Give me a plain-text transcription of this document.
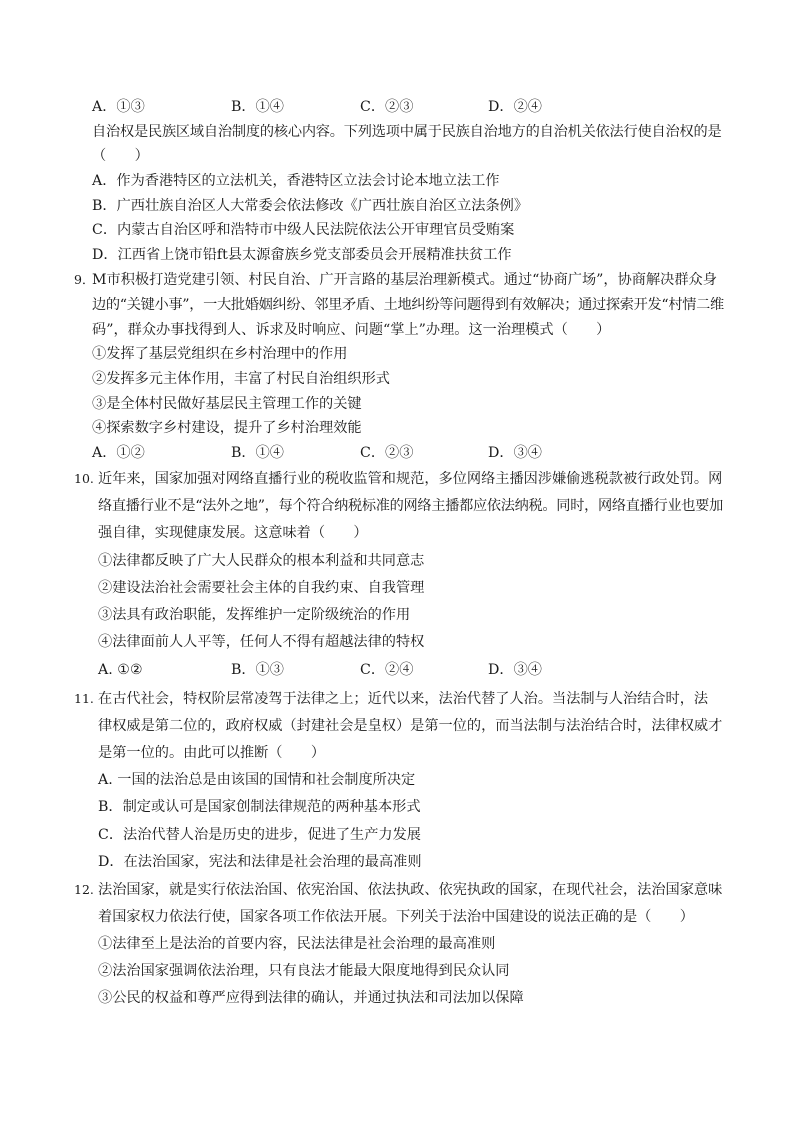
A．①③	B．①④	C．②③	D．②④
自治权是民族区域自治制度的核心内容。下列选项中属于民族自治地方的自治机关依法行使自治权的是
（　　）
A．作为香港特区的立法机关，香港特区立法会讨论本地立法工作
B．广西壮族自治区人大常委会依法修改《广西壮族自治区立法条例》
C．内蒙古自治区呼和浩特市中级人民法院依法公开审理官员受贿案
D．江西省上饶市铅ft县太源畲族乡党支部委员会开展精准扶贫工作
9．
M市积极打造党建引领、村民自治、广开言路的基层治理新模式。通过“协商广场”，协商解决群众身
边的“关键小事”，一大批婚姻纠纷、邻里矛盾、土地纠纷等问题得到有效解决；通过探索开发“村情二维
码”，群众办事找得到人、诉求及时响应、问题“掌上”办理。这一治理模式（　　）
①发挥了基层党组织在乡村治理中的作用
②发挥多元主体作用，丰富了村民自治组织形式
③是全体村民做好基层民主管理工作的关键
④探索数字乡村建设，提升了乡村治理效能
A．①②	B．①④	C．②③	D．③④
10. 近年来，国家加强对网络直播行业的税收监管和规范，多位网络主播因涉嫌偷逃税款被行政处罚。网
络直播行业不是“法外之地”，每个符合纳税标准的网络主播都应依法纳税。同时，网络直播行业也要加
强自律，实现健康发展。这意味着（　　）
①法律都反映了广大人民群众的根本利益和共同意志
②建设法治社会需要社会主体的自我约束、自我管理
③法具有政治职能，发挥维护一定阶级统治的作用
④法律面前人人平等，任何人不得有超越法律的特权
A. ①②	B．①③	C．②④	D．③④
11. 在古代社会，特权阶层常凌驾于法律之上；近代以来，法治代替了人治。当法制与人治结合时，法
律权威是第二位的，政府权威（封建社会是皇权）是第一位的，而当法制与法治结合时，法律权威才
是第一位的。由此可以推断（　　）
A. 一国的法治总是由该国的国情和社会制度所决定
B．制定或认可是国家创制法律规范的两种基本形式
C．法治代替人治是历史的进步，促进了生产力发展
D．在法治国家，宪法和法律是社会治理的最高准则
12. 法治国家，就是实行依法治国、依宪治国、依法执政、依宪执政的国家，在现代社会，法治国家意味
着国家权力依法行使，国家各项工作依法开展。下列关于法治中国建设的说法正确的是（　　）
①法律至上是法治的首要内容，民法法律是社会治理的最高准则
②法治国家强调依法治理，只有良法才能最大限度地得到民众认同
③公民的权益和尊严应得到法律的确认，并通过执法和司法加以保障
